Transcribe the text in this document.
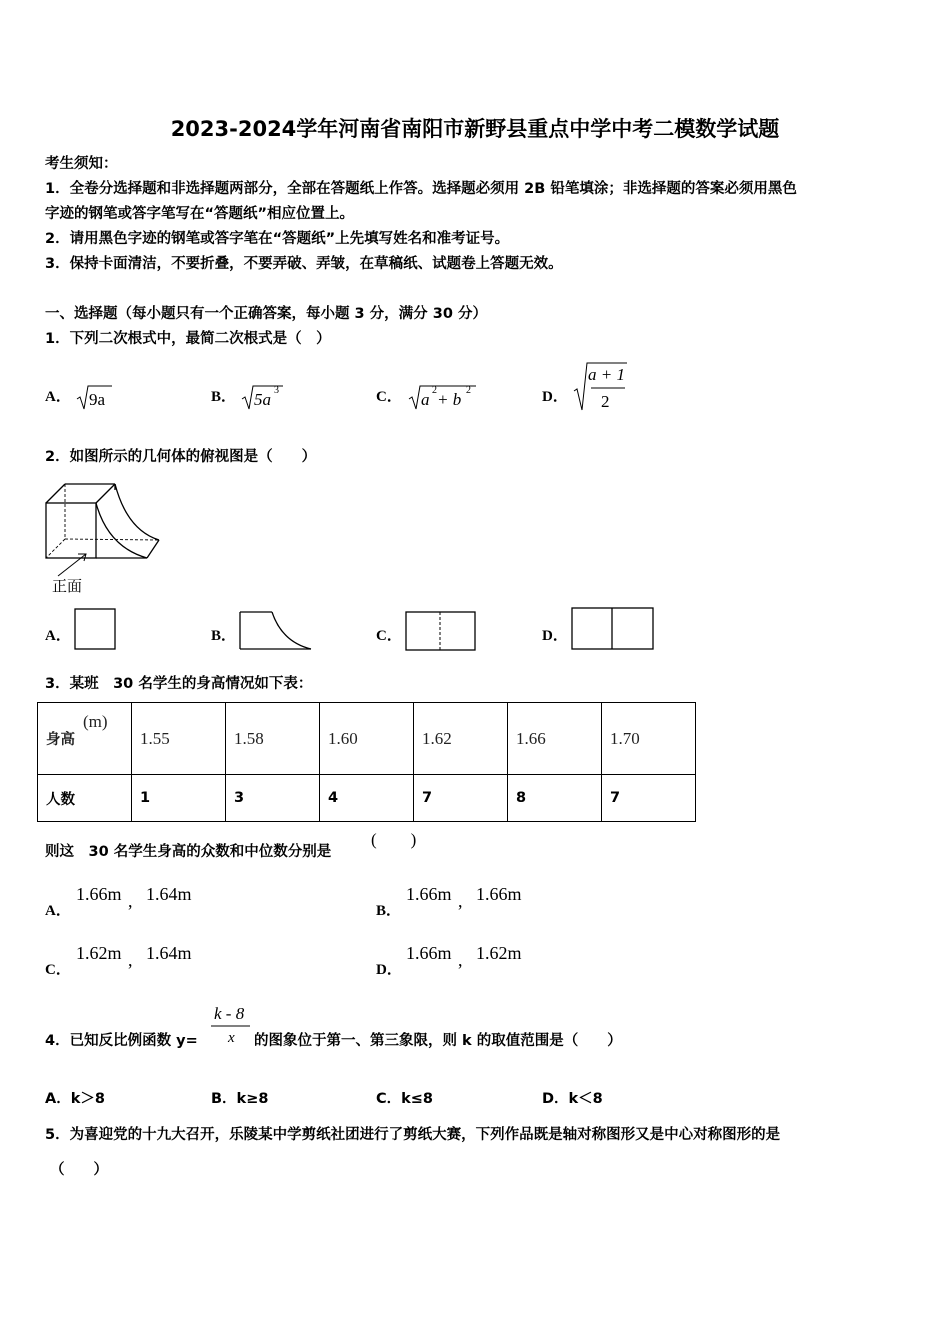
2023-2024学年河南省南阳市新野县重点中学中考二模数学试题
考生须知：
1．全卷分选择题和非选择题两部分，全部在答题纸上作答。选择题必须用 2B 铅笔填涂；非选择题的答案必须用黑色
字迹的钢笔或答字笔写在“答题纸”相应位置上。
2．请用黑色字迹的钢笔或答字笔在“答题纸”上先填写姓名和准考证号。
3．保持卡面清洁，不要折叠，不要弄破、弄皱，在草稿纸、试题卷上答题无效。
一、选择题（每小题只有一个正确答案，每小题 3 分，满分 30 分）
1．下列二次根式中，最简二次根式是（　）
A． 9a	B． 5a 3	C． a 2 + b 2	D．
a + 1
2
2．如图所示的几何体的俯视图是（　　）
正面
A．	B．	C．	D．
3．某班　30 名学生的身高情况如下表：
身高
(m)	1.55	1.58	1.60	1.62	1.66	1.70
人数	1	3	4	7	8	7
则这　30 名学生身高的众数和中位数分别是
(　　)
A．
1.66m , 1.64m
B．
1.66m , 1.66m
C．
1.62m , 1.64m
D．
1.66m , 1.62m
4．已知反比例函数 y=
k - 8
x 的图象位于第一、第三象限，则 k 的取值范围是（　　）
A．k＞8	B．k≥8	C．k≤8	D．k＜8
5．为喜迎党的十九大召开，乐陵某中学剪纸社团进行了剪纸大赛，下列作品既是轴对称图形又是中心对称图形的是
（　　）
